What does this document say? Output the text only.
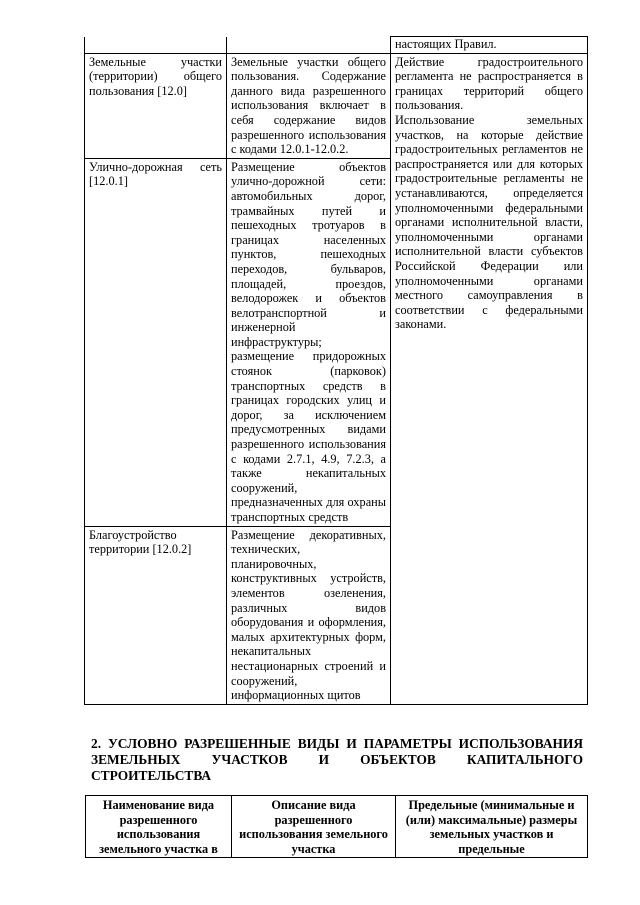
		настоящих Правил.
Земельные участки (территории) общего пользования [12.0]	Земельные участки общего пользования. Содержание данного вида разрешенного использования включает в себя содержание видов разрешенного использования с кодами 12.0.1-12.0.2.	Действие градостроительного регламента не распространяется в границах территорий общего пользования.
Использование земельных участков, на которые действие градостроительных регламентов не распространяется или для которых градостроительные регламенты не устанавливаются, определяется уполномоченными федеральными органами исполнительной власти, уполномоченными органами исполнительной власти субъектов Российской Федерации или уполномоченными органами местного самоуправления в соответствии с федеральными законами.

Улично-дорожная сеть [12.0.1]	Размещение объектов улично-дорожной сети: автомобильных дорог, трамвайных путей и пешеходных тротуаров в границах населенных пунктов, пешеходных переходов, бульваров, площадей, проездов, велодорожек и объектов велотранспортной и инженерной инфраструктуры; размещение придорожных стоянок (парковок) транспортных средств в границах городских улиц и дорог, за исключением предусмотренных видами разрешенного использования с кодами 2.7.1, 4.9, 7.2.3, а также некапитальных сооружений, предназначенных для охраны транспортных средств	
Благоустройство территории [12.0.2]	Размещение декоративных, технических, планировочных, конструктивных устройств, элементов озеленения, различных видов оборудования и оформления, малых архитектурных форм, некапитальных нестационарных строений и сооружений, информационных щитов	
2. УСЛОВНО РАЗРЕШЕННЫЕ ВИДЫ И ПАРАМЕТРЫ ИСПОЛЬЗОВАНИЯ ЗЕМЕЛЬНЫХ УЧАСТКОВ И ОБЪЕКТОВ КАПИТАЛЬНОГО СТРОИТЕЛЬСТВА
Наименование вида разрешенного использования земельного участка в	Описание вида разрешенного использования земельного участка	Предельные (минимальные и (или) максимальные) размеры земельных участков и предельные
